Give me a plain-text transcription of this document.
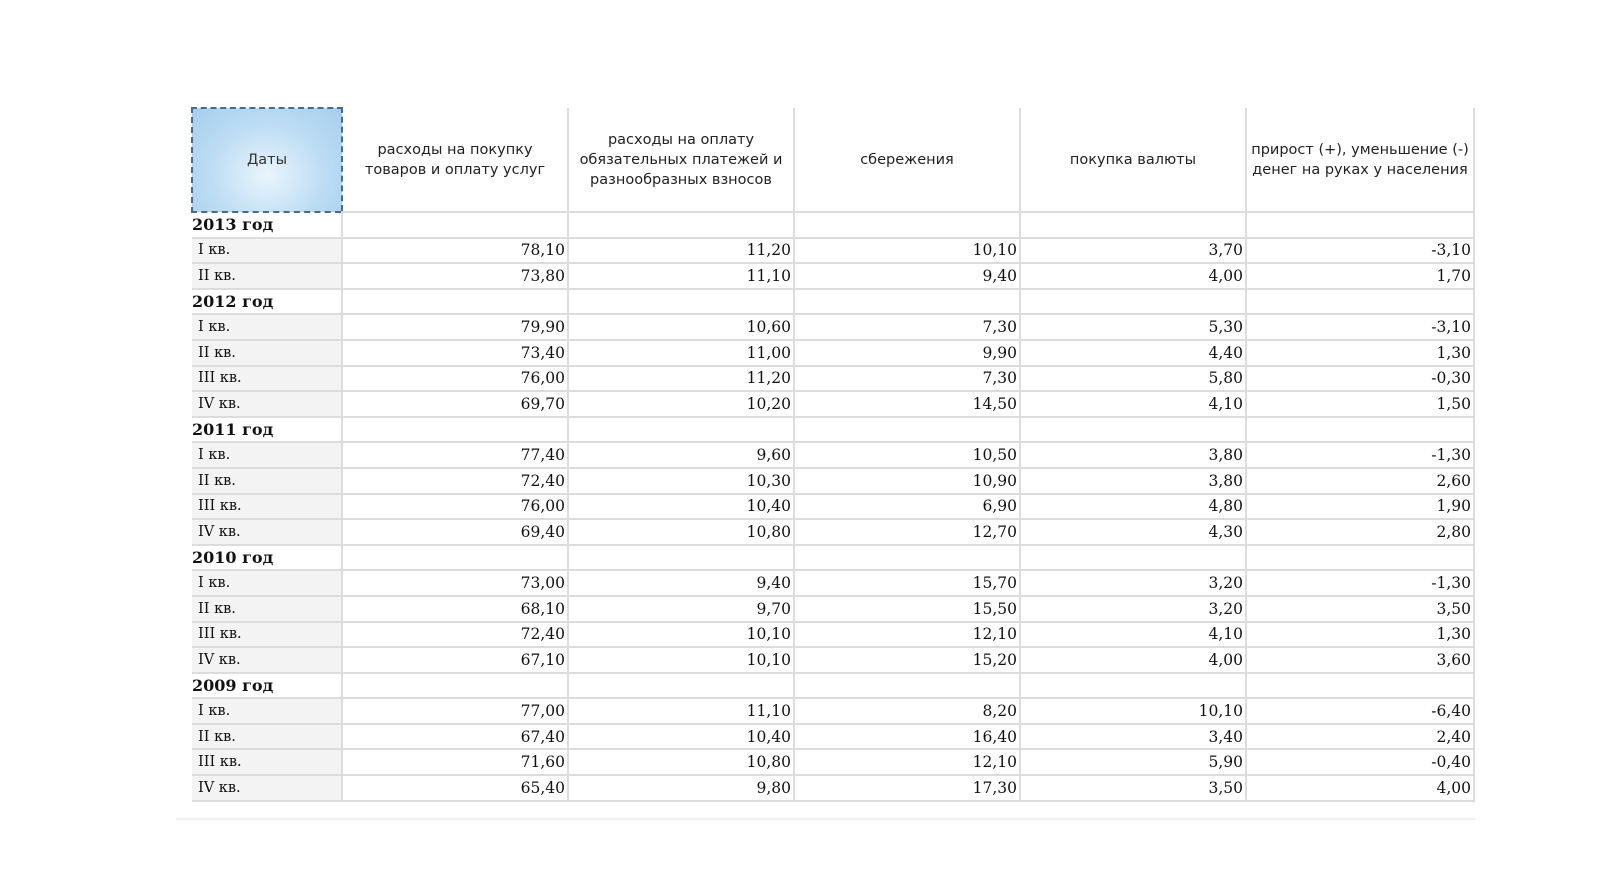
Даты	расходы на покупку товаров и оплату услуг	расходы на оплату обязательных платежей и разнообразных взносов	сбережения	покупка валюты	прирост (+), уменьшение (-) денег на руках у населения
2013 год					
I кв.	78,10	11,20	10,10	3,70	-3,10
II кв.	73,80	11,10	9,40	4,00	1,70
2012 год					
I кв.	79,90	10,60	7,30	5,30	-3,10
II кв.	73,40	11,00	9,90	4,40	1,30
III кв.	76,00	11,20	7,30	5,80	-0,30
IV кв.	69,70	10,20	14,50	4,10	1,50
2011 год					
I кв.	77,40	9,60	10,50	3,80	-1,30
II кв.	72,40	10,30	10,90	3,80	2,60
III кв.	76,00	10,40	6,90	4,80	1,90
IV кв.	69,40	10,80	12,70	4,30	2,80
2010 год					
I кв.	73,00	9,40	15,70	3,20	-1,30
II кв.	68,10	9,70	15,50	3,20	3,50
III кв.	72,40	10,10	12,10	4,10	1,30
IV кв.	67,10	10,10	15,20	4,00	3,60
2009 год					
I кв.	77,00	11,10	8,20	10,10	-6,40
II кв.	67,40	10,40	16,40	3,40	2,40
III кв.	71,60	10,80	12,10	5,90	-0,40
IV кв.	65,40	9,80	17,30	3,50	4,00
